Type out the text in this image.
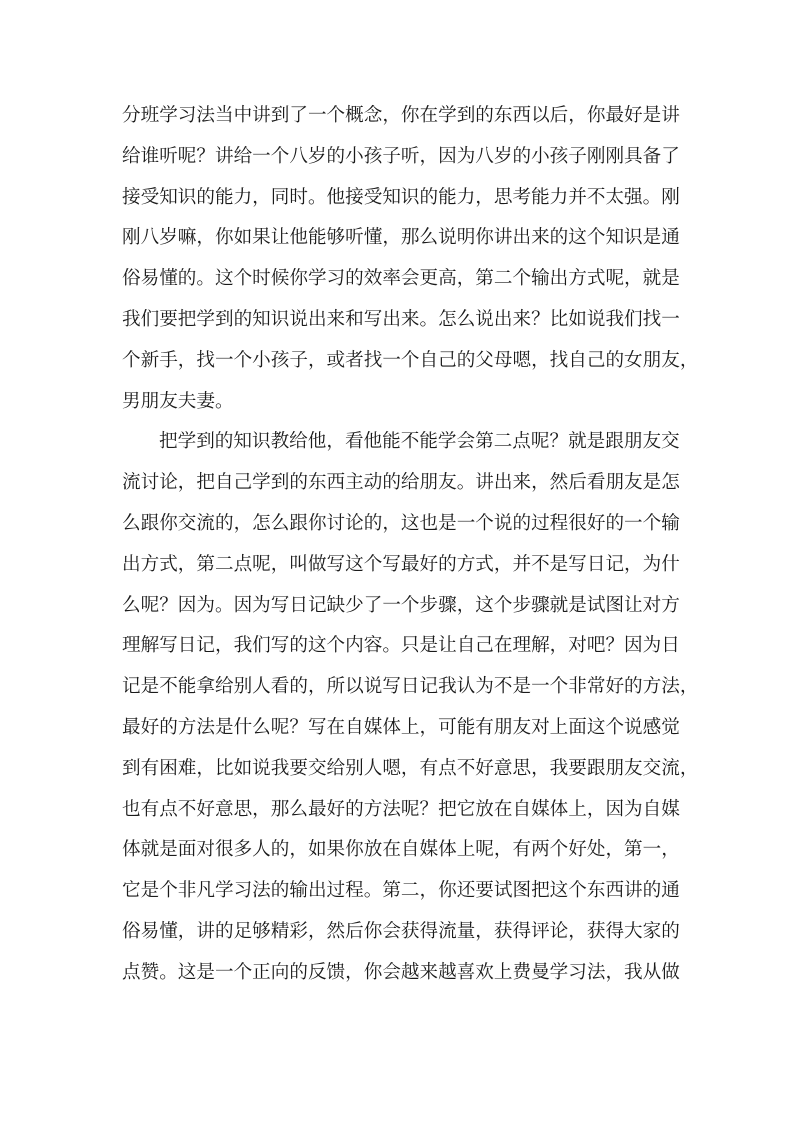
分班学习法当中讲到了一个概念，你在学到的东西以后，你最好是讲
给谁听呢？讲给一个八岁的小孩子听，因为八岁的小孩子刚刚具备了
接受知识的能力，同时。他接受知识的能力，思考能力并不太强。刚
刚八岁嘛，你如果让他能够听懂，那么说明你讲出来的这个知识是通
俗易懂的。这个时候你学习的效率会更高，第二个输出方式呢，就是
我们要把学到的知识说出来和写出来。怎么说出来？比如说我们找一
个新手，找一个小孩子，或者找一个自己的父母嗯，找自己的女朋友，
男朋友夫妻。
把学到的知识教给他，看他能不能学会第二点呢？就是跟朋友交
流讨论，把自己学到的东西主动的给朋友。讲出来，然后看朋友是怎
么跟你交流的，怎么跟你讨论的，这也是一个说的过程很好的一个输
出方式，第二点呢，叫做写这个写最好的方式，并不是写日记，为什
么呢？因为。因为写日记缺少了一个步骤，这个步骤就是试图让对方
理解写日记，我们写的这个内容。只是让自己在理解，对吧？因为日
记是不能拿给别人看的，所以说写日记我认为不是一个非常好的方法，
最好的方法是什么呢？写在自媒体上，可能有朋友对上面这个说感觉
到有困难，比如说我要交给别人嗯，有点不好意思，我要跟朋友交流，
也有点不好意思，那么最好的方法呢？把它放在自媒体上，因为自媒
体就是面对很多人的，如果你放在自媒体上呢，有两个好处，第一，
它是个非凡学习法的输出过程。第二，你还要试图把这个东西讲的通
俗易懂，讲的足够精彩，然后你会获得流量，获得评论，获得大家的
点赞。这是一个正向的反馈，你会越来越喜欢上费曼学习法，我从做
